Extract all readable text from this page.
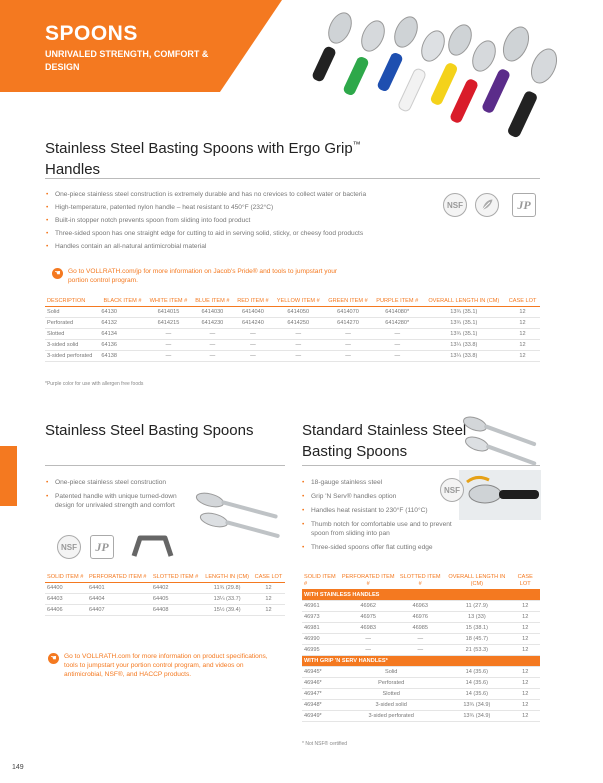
SPOONS
UNRIVALED STRENGTH, COMFORT & DESIGN
Stainless Steel Basting Spoons with Ergo Grip™ Handles
• One-piece stainless steel construction is extremely durable and has no crevices to collect water or bacteria
• High-temperature, patented nylon handle – heat resistant to 450°F (232°C)
• Built-in stopper notch prevents spoon from sliding into food product
• Three-sided spoon has one straight edge for cutting to aid in serving solid, sticky, or cheesy food products
• Handles contain an all-natural antimicrobial material
NSF	JP
☚	Go to VOLLRATH.com/jp for more information on Jacob's Pride® and tools to jumpstart your portion control program.
DESCRIPTION	BLACK ITEM #	WHITE ITEM #	BLUE ITEM #	RED ITEM #	YELLOW ITEM #	GREEN ITEM #	PURPLE ITEM #	OVERALL LENGTH IN (CM)	CASE LOT
Solid	64130	6414015	6414030	6414040	6414050	6414070	6414080*	13¾ (35.1)	12
Perforated	64132	6414215	6414230	6414240	6414250	6414270	6414280*	13¾ (35.1)	12
Slotted	64134	—	—	—	—	—	—	13¾ (35.1)	12
3-sided solid	64136	—	—	—	—	—	—	13¼ (33.8)	12
3-sided perforated	64138	—	—	—	—	—	—	13¼ (33.8)	12
*Purple color for use with allergen free foods
Stainless Steel Basting Spoons
• One-piece stainless steel construction
• Patented handle with unique turned-down design for unrivaled strength and comfort
NSF	JP
SOLID ITEM #	PERFORATED ITEM #	SLOTTED ITEM #	LENGTH IN (CM)	CASE LOT
64400	64401	64402	11¾ (29.8)	12
64403	64404	64405	13¼ (33.7)	12
64406	64407	64408	15½ (39.4)	12
☚	Go to VOLLRATH.com for more information on product specifications, tools to jumpstart your portion control program, and videos on antimicrobial, NSF®, and HACCP products.
Standard Stainless Steel Basting Spoons
NSF
• 18-gauge stainless steel
• Grip 'N Serv® handles option
• Handles heat resistant to 230°F (110°C)
• Thumb notch for comfortable use and to prevent spoon from sliding into pan
• Three-sided spoons offer flat cutting edge
SOLID ITEM #	PERFORATED ITEM #	SLOTTED ITEM #	OVERALL LENGTH IN (CM)	CASE LOT
WITH STAINLESS HANDLES				
46961	46962	46963	11 (27.9)	12
46973	46975	46976	13 (33)	12
46981	46983	46985	15 (38.1)	12
46990	—	—	18 (45.7)	12
46995	—	—	21 (53.3)	12
WITH GRIP 'N SERV HANDLES*				
46945*	Solid		14 (35.6)	12
46946*	Perforated		14 (35.6)	12
46947*	Slotted		14 (35.6)	12
46948*	3-sided solid		13¾ (34.9)	12
46949*	3-sided perforated		13¾ (34.9)	12
* Not NSF® certified
149
